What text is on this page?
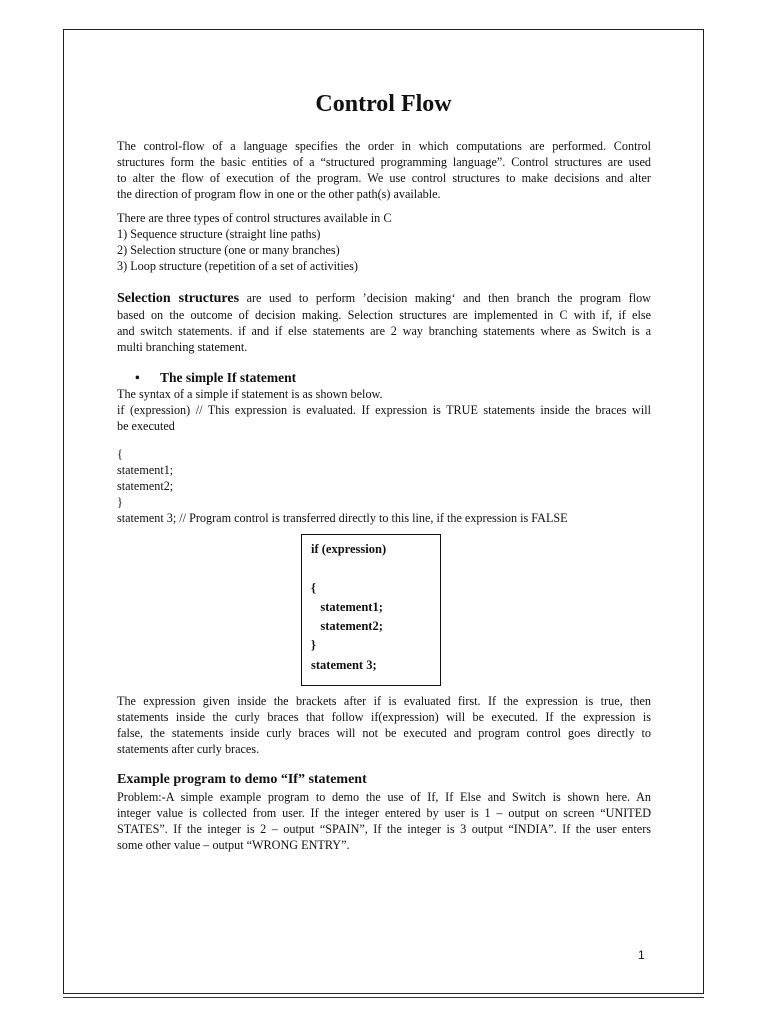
Control Flow

The control-flow of a language specifies the order in which computations are performed. Control

structures form the basic entities of a “structured programming language”. Control structures are used

to alter the flow of execution of the program. We use control structures to make decisions and alter

the direction of program flow in one or the other path(s) available.

There are three types of control structures available in C

1) Sequence structure (straight line paths)

2) Selection structure (one or many branches)

3) Loop structure (repetition of a set of activities)

Selection structures are used to perform ’decision making‘ and then branch the program flow

based on the outcome of decision making. Selection structures are implemented in C with if, if else

and switch statements. if and if else statements are 2 way branching statements where as Switch is a

multi branching statement.

• The simple If statement

The syntax of a simple if statement is as shown below.

if (expression) // This expression is evaluated. If expression is TRUE statements inside the braces will

be executed

{

statement1;

statement2;

}

statement 3; // Program control is transferred directly to this line, if the expression is FALSE

if (expression)

{
statement1;
statement2;
}
statement 3;

The expression given inside the brackets after if is evaluated first. If the expression is true, then

statements inside the curly braces that follow if(expression) will be executed. If the expression is

false, the statements inside curly braces will not be executed and program control goes directly to

statements after curly braces.

Example program to demo “If” statement

Problem:-A simple example program to demo the use of If, If Else and Switch is shown here. An

integer value is collected from user. If the integer entered by user is 1 – output on screen “UNITED

STATES”. If the integer is 2 – output “SPAIN”, If the integer is 3 output “INDIA”. If the user enters

some other value – output “WRONG ENTRY”.

1
